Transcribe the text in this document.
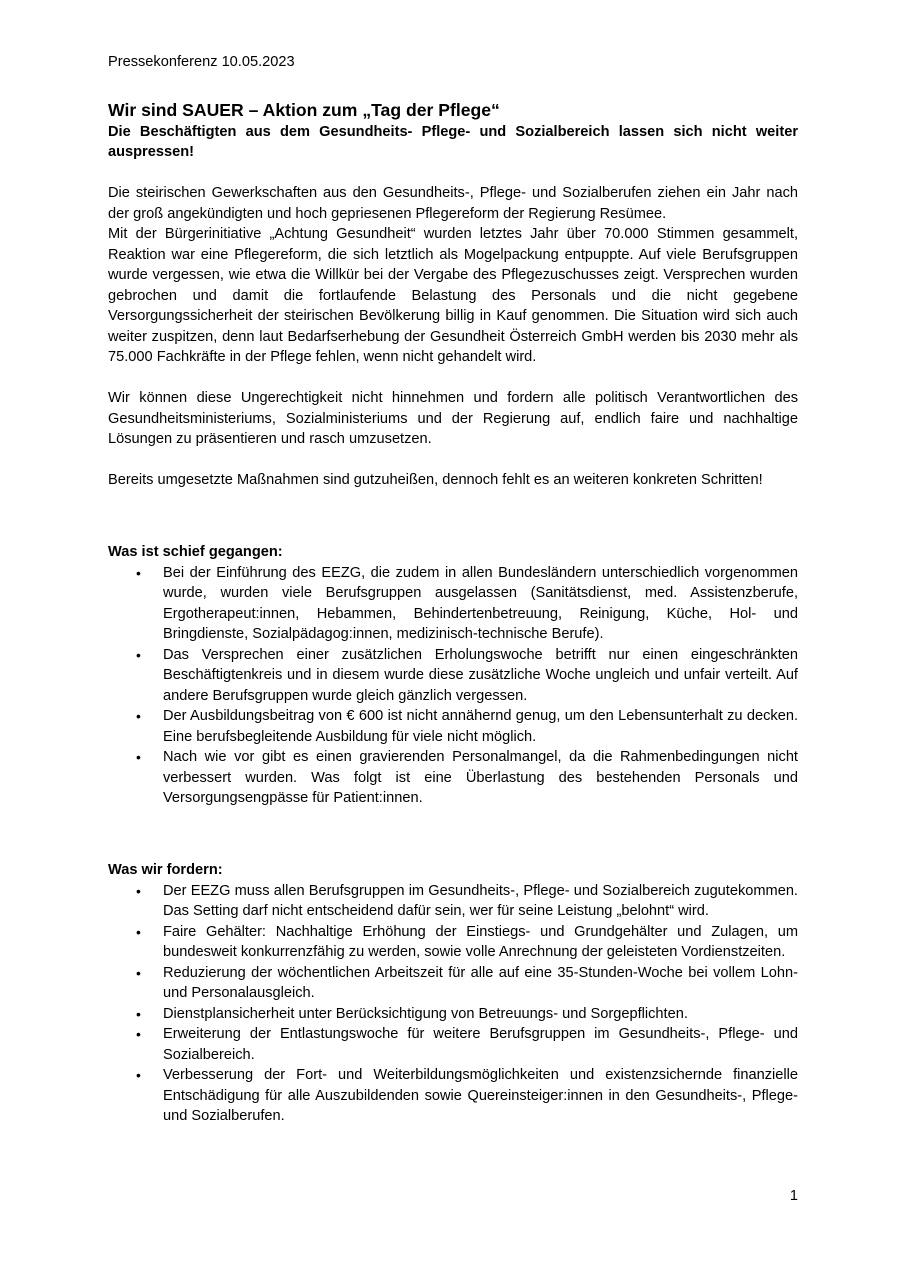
Pressekonferenz 10.05.2023

Wir sind SAUER – Aktion zum „Tag der Pflege“

Die Beschäftigten aus dem Gesundheits- Pflege- und Sozialbereich lassen sich nicht weiter auspressen!

Die steirischen Gewerkschaften aus den Gesundheits-, Pflege- und Sozialberufen ziehen ein Jahr nach der groß angekündigten und hoch gepriesenen Pflegereform der Regierung Resümee.

Mit der Bürgerinitiative „Achtung Gesundheit“ wurden letztes Jahr über 70.000 Stimmen gesammelt, Reaktion war eine Pflegereform, die sich letztlich als Mogelpackung entpuppte. Auf viele Berufsgruppen wurde vergessen, wie etwa die Willkür bei der Vergabe des Pflegezuschusses zeigt. Versprechen wurden gebrochen und damit die fortlaufende Belastung des Personals und die nicht gegebene Versorgungssicherheit der steirischen Bevölkerung billig in Kauf genommen. Die Situation wird sich auch weiter zuspitzen, denn laut Bedarfserhebung der Gesundheit Österreich GmbH werden bis 2030 mehr als 75.000 Fachkräfte in der Pflege fehlen, wenn nicht gehandelt wird.

Wir können diese Ungerechtigkeit nicht hinnehmen und fordern alle politisch Verantwortlichen des Gesundheitsministeriums, Sozialministeriums und der Regierung auf, endlich faire und nachhaltige Lösungen zu präsentieren und rasch umzusetzen.

Bereits umgesetzte Maßnahmen sind gutzuheißen, dennoch fehlt es an weiteren konkreten Schritten!

Was ist schief gegangen:

• Bei der Einführung des EEZG, die zudem in allen Bundesländern unterschiedlich vorgenommen wurde, wurden viele Berufsgruppen ausgelassen (Sanitätsdienst, med. Assistenzberufe, Ergotherapeut:innen, Hebammen, Behindertenbetreuung, Reinigung, Küche, Hol- und Bringdienste, Sozialpädagog:innen, medizinisch-technische Berufe).
• Das Versprechen einer zusätzlichen Erholungswoche betrifft nur einen eingeschränkten Beschäftigtenkreis und in diesem wurde diese zusätzliche Woche ungleich und unfair verteilt. Auf andere Berufsgruppen wurde gleich gänzlich vergessen.
• Der Ausbildungsbeitrag von € 600 ist nicht annähernd genug, um den Lebensunterhalt zu decken. Eine berufsbegleitende Ausbildung für viele nicht möglich.
• Nach wie vor gibt es einen gravierenden Personalmangel, da die Rahmenbedingungen nicht verbessert wurden. Was folgt ist eine Überlastung des bestehenden Personals und Versorgungsengpässe für Patient:innen.

Was wir fordern:

• Der EEZG muss allen Berufsgruppen im Gesundheits-, Pflege- und Sozialbereich zugutekommen. Das Setting darf nicht entscheidend dafür sein, wer für seine Leistung „belohnt“ wird.
• Faire Gehälter: Nachhaltige Erhöhung der Einstiegs- und Grundgehälter und Zulagen, um bundesweit konkurrenzfähig zu werden, sowie volle Anrechnung der geleisteten Vordienstzeiten.
• Reduzierung der wöchentlichen Arbeitszeit für alle auf eine 35-Stunden-Woche bei vollem Lohn- und Personalausgleich.
• Dienstplansicherheit unter Berücksichtigung von Betreuungs- und Sorgepflichten.
• Erweiterung der Entlastungswoche für weitere Berufsgruppen im Gesundheits-, Pflege- und Sozialbereich.
• Verbesserung der Fort- und Weiterbildungsmöglichkeiten und existenzsichernde finanzielle Entschädigung für alle Auszubildenden sowie Quereinsteiger:innen in den Gesundheits-, Pflege- und Sozialberufen.
1
